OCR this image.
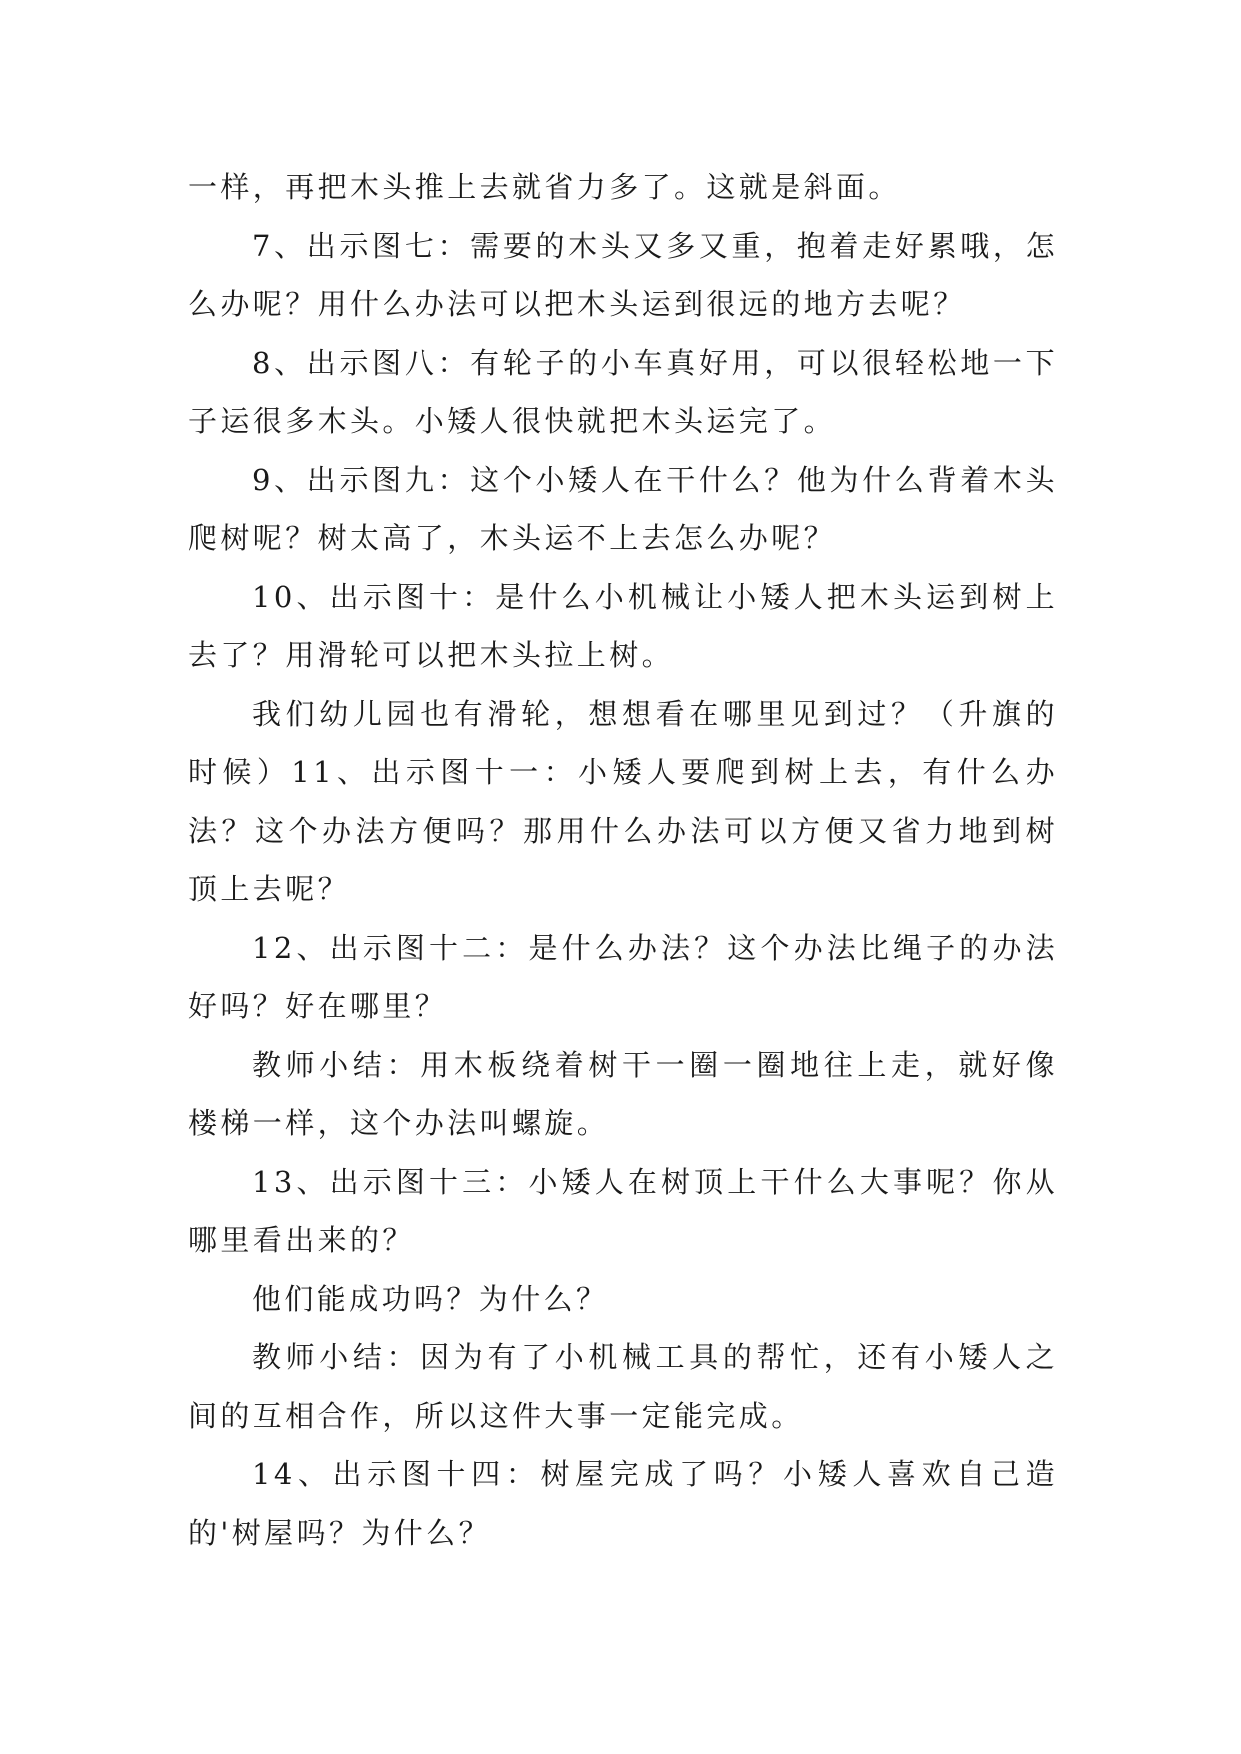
一样，再把木头推上去就省力多了。这就是斜面。

7、出示图七：需要的木头又多又重，抱着走好累哦，怎么办呢？用什么办法可以把木头运到很远的地方去呢？

8、出示图八：有轮子的小车真好用，可以很轻松地一下子运很多木头。小矮人很快就把木头运完了。

9、出示图九：这个小矮人在干什么？他为什么背着木头爬树呢？树太高了，木头运不上去怎么办呢？

10、出示图十：是什么小机械让小矮人把木头运到树上去了？用滑轮可以把木头拉上树。

我们幼儿园也有滑轮，想想看在哪里见到过？（升旗的时候）11、出示图十一：小矮人要爬到树上去，有什么办法？这个办法方便吗？那用什么办法可以方便又省力地到树顶上去呢？

12、出示图十二：是什么办法？这个办法比绳子的办法好吗？好在哪里？

教师小结：用木板绕着树干一圈一圈地往上走，就好像楼梯一样，这个办法叫螺旋。

13、出示图十三：小矮人在树顶上干什么大事呢？你从哪里看出来的？

他们能成功吗？为什么？

教师小结：因为有了小机械工具的帮忙，还有小矮人之间的互相合作，所以这件大事一定能完成。

14、出示图十四：树屋完成了吗？小矮人喜欢自己造的'树屋吗？为什么？
